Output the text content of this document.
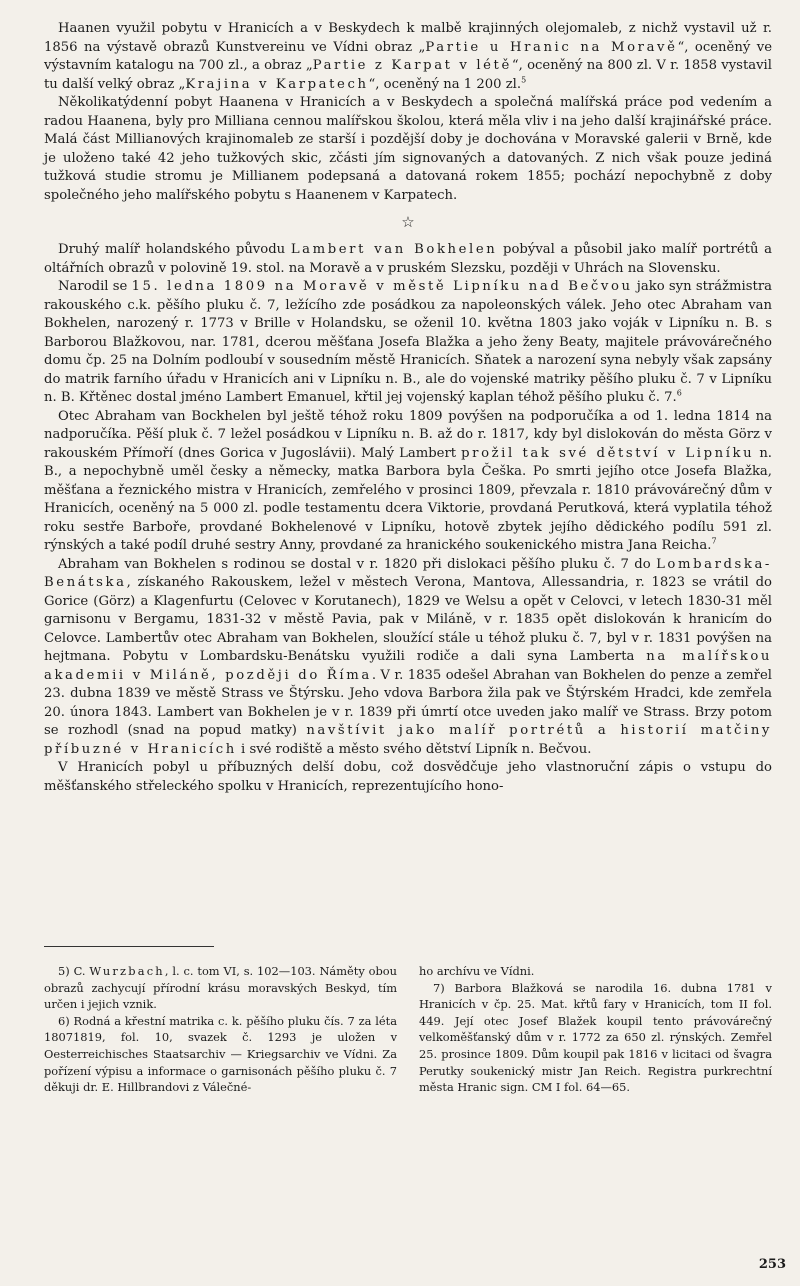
Haanen využil pobytu v Hranicích a v Beskydech k malbě krajinných olejomaleb, z nichž vystavil už r. 1856 na výstavě obrazů Kunstvereinu ve Vídni obraz „Partie u Hranic na Moravě“, oceněný ve výstavním katalogu na 700 zl., a obraz „Partie z Karpat v létě“, oceněný na 800 zl. V r. 1858 vystavil tu další velký obraz „Krajina v Karpatech“, oceněný na 1 200 zl.$^5$

Několikatýdenní pobyt Haanena v Hranicích a v Beskydech a společná malířská práce pod vedením a radou Haanena, byly pro Milliana cennou malířskou školou, která měla vliv i na jeho další krajinářské práce. Malá část Millianových krajinomaleb ze starší i pozdější doby je dochována v Moravské galerii v Brně, kde je uloženo také 42 jeho tužkových skic, zčásti jím signovaných a datovaných. Z nich však pouze jediná tužková studie stromu je Millianem podepsaná a datovaná rokem 1855; pochází nepochybně z doby společného jeho malířského pobytu s Haanenem v Karpatech.

☆

Druhý malíř holandského původu Lambert van Bokhelen pobýval a působil jako malíř portrétů a oltářních obrazů v polovině 19. stol. na Moravě a v pruském Slezsku, později v Uhrách na Slovensku.

Narodil se 15. ledna 1809 na Moravě v městě Lipníku nad Bečvou jako syn strážmistra rakouského c.k. pěšího pluku č. 7, ležícího zde posádkou za napoleonských válek. Jeho otec Abraham van Bokhelen, narozený r. 1773 v Brille v Holandsku, se oženil 10. května 1803 jako voják v Lipníku n. B. s Barborou Blažkovou, nar. 1781, dcerou měšťana Josefa Blažka a jeho ženy Beaty, majitele právovárečného domu čp. 25 na Dolním podloubí v sousedním městě Hranicích. Sňatek a narození syna nebyly však zapsány do matrik farního úřadu v Hranicích ani v Lipníku n. B., ale do vojenské matriky pěšího pluku č. 7 v Lipníku n. B. Křtěnec dostal jméno Lambert Emanuel, křtil jej vojenský kaplan téhož pěšího pluku č. 7.$^6$

Otec Abraham van Bockhelen byl ještě téhož roku 1809 povýšen na podporučíka a od 1. ledna 1814 na nadporučíka. Pěší pluk č. 7 ležel posádkou v Lipníku n. B. až do r. 1817, kdy byl dislokován do města Görz v rakouském Přímoří (dnes Gorica v Jugoslávii). Malý Lambert prožil tak své dětství v Lipníku n. B., a nepochybně uměl česky a německy, matka Barbora byla Češka. Po smrti jejího otce Josefa Blažka, měšťana a řeznického mistra v Hranicích, zemřelého v prosinci 1809, převzala r. 1810 právovárečný dům v Hranicích, oceněný na 5 000 zl. podle testamentu dcera Viktorie, provdaná Perutková, která vyplatila téhož roku sestře Barboře, provdané Bokhelenové v Lipníku, hotově zbytek jejího dědického podílu 591 zl. rýnských a také podíl druhé sestry Anny, provdané za hranického soukenického mistra Jana Reicha.$^7$

Abraham van Bokhelen s rodinou se dostal v r. 1820 při dislokaci pěšího pluku č. 7 do Lombardska-Benátska, získaného Rakouskem, ležel v městech Verona, Mantova, Allessandria, r. 1823 se vrátil do Gorice (Görz) a Klagenfurtu (Celovec v Korutanech), 1829 ve Welsu a opět v Celovci, v letech 1830-31 měl garnisonu v Bergamu, 1831-32 v městě Pavia, pak v Miláně, v r. 1835 opět dislokován k hranicím do Celovce. Lambertův otec Abraham van Bokhelen, sloužící stále u téhož pluku č. 7, byl v r. 1831 povýšen na hejtmana. Pobytu v Lombardsku-Benátsku využili rodiče a dali syna Lamberta na malířskou akademii v Miláně, později do Říma. V r. 1835 odešel Abrahan van Bokhelen do penze a zemřel 23. dubna 1839 ve městě Strass ve Štýrsku. Jeho vdova Barbora žila pak ve Štýrském Hradci, kde zemřela 20. února 1843. Lambert van Bokhelen je v r. 1839 při úmrtí otce uveden jako malíř ve Strass. Brzy potom se rozhodl (snad na popud matky) navštívit jako malíř portrétů a historií matčiny příbuzné v Hranicích i své rodiště a město svého dětství Lipník n. Bečvou.

V Hranicích pobyl u příbuzných delší dobu, což dosvědčuje jeho vlastnoruční zápis o vstupu do měšťanského střeleckého spolku v Hranicích, reprezentujícího hono-

5) C. Wurzbach, l. c. tom VI, s. 102—103. Náměty obou obrazů zachycují přírodní krásu moravských Beskyd, tím určen i jejich vznik.

6) Rodná a křestní matrika c. k. pěšího pluku čís. 7 za léta 18071819, fol. 10, svazek č. 1293 je uložen v Oesterreichisches Staatsarchiv — Kriegsarchiv ve Vídni. Za pořízení výpisu a informace o garnisonách pěšího pluku č. 7 děkuji dr. E. Hillbrandovi z Válečné-

ho archívu ve Vídni.

7) Barbora Blažková se narodila 16. dubna 1781 v Hranicích v čp. 25. Mat. křtů fary v Hranicích, tom II fol. 449. Její otec Josef Blažek koupil tento právovárečný velkoměšťanský dům v r. 1772 za 650 zl. rýnských. Zemřel 25. prosince 1809. Dům koupil pak 1816 v licitaci od švagra Perutky soukenický mistr Jan Reich. Registra purkrechtní města Hranic sign. CM I fol. 64—65.

253
